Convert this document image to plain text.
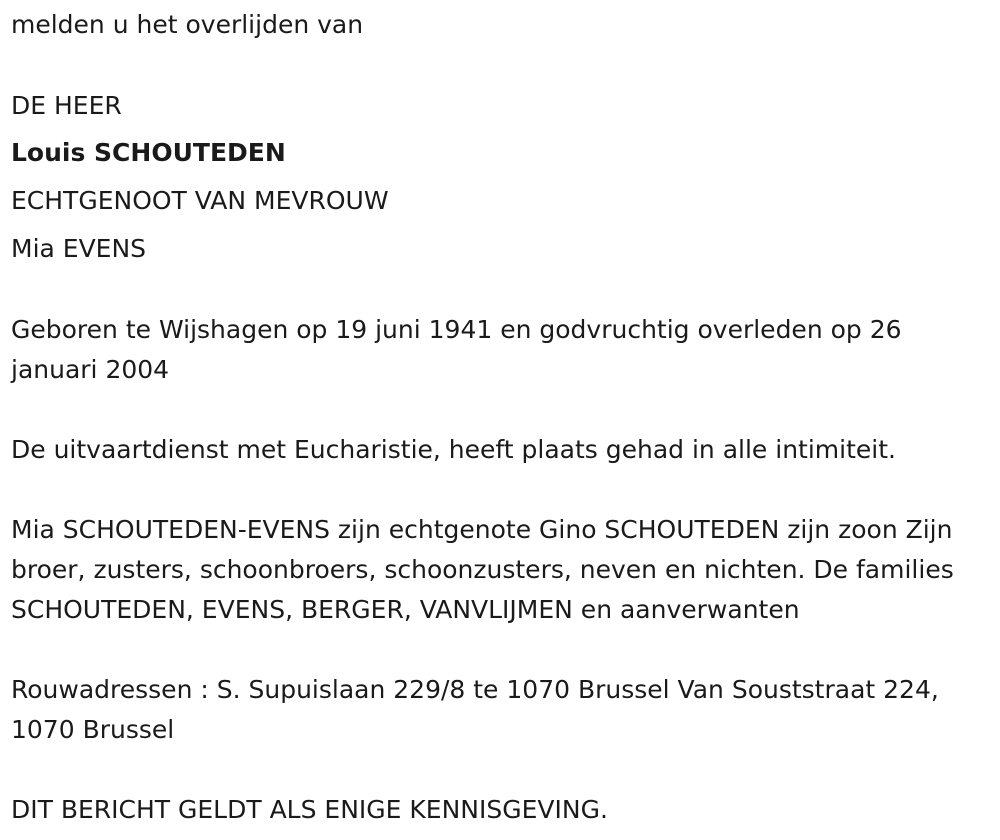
melden u het overlijden van
DE HEER
Louis SCHOUTEDEN
ECHTGENOOT VAN MEVROUW
Mia EVENS
Geboren te Wijshagen op 19 juni 1941 en godvruchtig overleden op 26 januari 2004
De uitvaartdienst met Eucharistie, heeft plaats gehad in alle intimiteit.
Mia SCHOUTEDEN-EVENS zijn echtgenote Gino SCHOUTEDEN zijn zoon Zijn broer, zusters, schoonbroers, schoonzusters, neven en nichten. De families SCHOUTEDEN, EVENS, BERGER, VANVLIJMEN en aanverwanten
Rouwadressen : S. Supuislaan 229/8 te 1070 Brussel Van Souststraat 224, 1070 Brussel
DIT BERICHT GELDT ALS ENIGE KENNISGEVING.
